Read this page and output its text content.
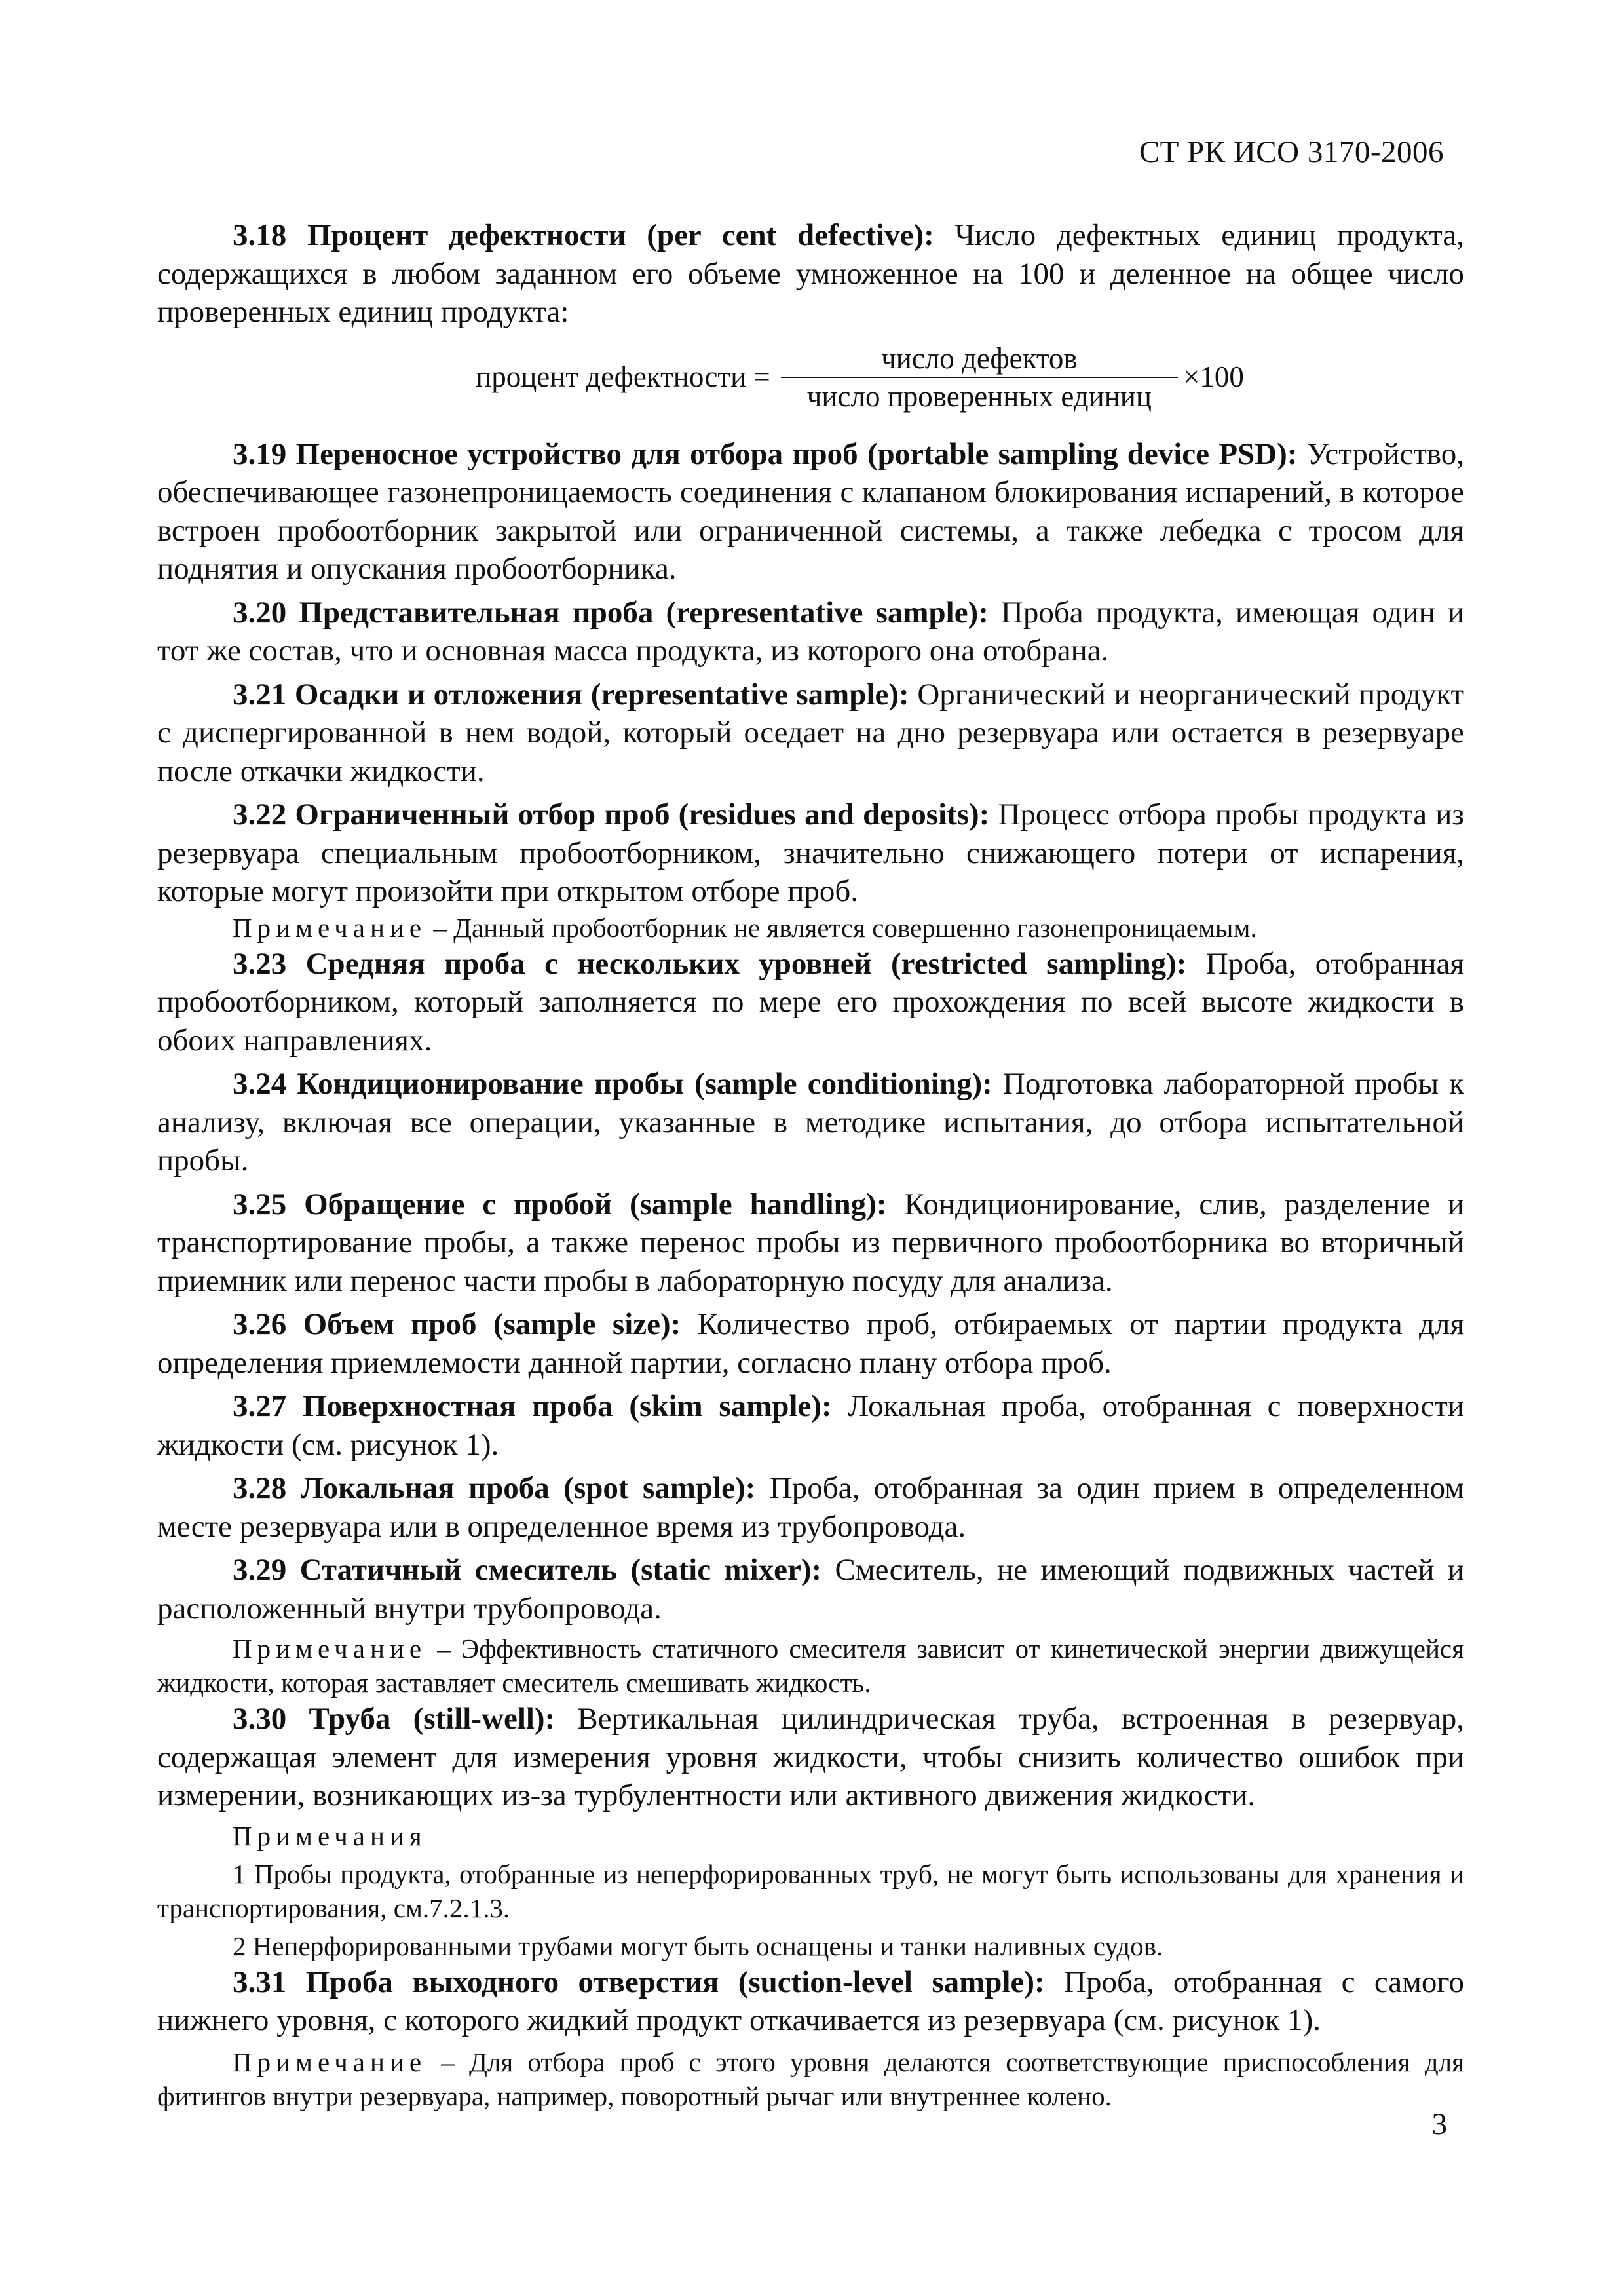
СТ РК ИСО 3170-2006

3.18 Процент дефектности (per cent defective): Число дефектных единиц продукта, содержащихся в любом заданном его объеме умноженное на 100 и деленное на общее число проверенных единиц продукта:

процент дефектности = $\frac{\text{число дефектов}}{\text{число проверенных единиц}} \times 100$

3.19 Переносное устройство для отбора проб (portable sampling device PSD): Устройство, обеспечивающее газонепроницаемость соединения с клапаном блокирования испарений, в которое встроен пробоотборник закрытой или ограниченной системы, а также лебедка с тросом для поднятия и опускания пробоотборника.

3.20 Представительная проба (representative sample): Проба продукта, имеющая один и тот же состав, что и основная масса продукта, из которого она отобрана.

3.21 Осадки и отложения (representative sample): Органический и неорганический продукт с диспергированной в нем водой, который оседает на дно резервуара или остается в резервуаре после откачки жидкости.

3.22 Ограниченный отбор проб (residues and deposits): Процесс отбора пробы продукта из резервуара специальным пробоотборником, значительно снижающего потери от испарения, которые могут произойти при открытом отборе проб.

Примечание – Данный пробоотборник не является совершенно газонепроницаемым.

3.23 Средняя проба с нескольких уровней (restricted sampling): Проба, отобранная пробоотборником, который заполняется по мере его прохождения по всей высоте жидкости в обоих направлениях.

3.24 Кондиционирование пробы (sample conditioning): Подготовка лабораторной пробы к анализу, включая все операции, указанные в методике испытания, до отбора испытательной пробы.

3.25 Обращение с пробой (sample handling): Кондиционирование, слив, разделение и транспортирование пробы, а также перенос пробы из первичного пробоотборника во вторичный приемник или перенос части пробы в лабораторную посуду для анализа.

3.26 Объем проб (sample size): Количество проб, отбираемых от партии продукта для определения приемлемости данной партии, согласно плану отбора проб.

3.27 Поверхностная проба (skim sample): Локальная проба, отобранная с поверхности жидкости (см. рисунок 1).

3.28 Локальная проба (spot sample): Проба, отобранная за один прием в определенном месте резервуара или в определенное время из трубопровода.

3.29 Статичный смеситель (static mixer): Смеситель, не имеющий подвижных частей и расположенный внутри трубопровода.

Примечание – Эффективность статичного смесителя зависит от кинетической энергии движущейся жидкости, которая заставляет смеситель смешивать жидкость.

3.30 Труба (still-well): Вертикальная цилиндрическая труба, встроенная в резервуар, содержащая элемент для измерения уровня жидкости, чтобы снизить количество ошибок при измерении, возникающих из-за турбулентности или активного движения жидкости.

Примечания

1 Пробы продукта, отобранные из неперфорированных труб, не могут быть использованы для хранения и транспортирования, см.7.2.1.3.

2 Неперфорированными трубами могут быть оснащены и танки наливных судов.

3.31 Проба выходного отверстия (suction-level sample): Проба, отобранная с самого нижнего уровня, с которого жидкий продукт откачивается из резервуара (см. рисунок 1).

Примечание – Для отбора проб с этого уровня делаются соответствующие приспособления для фитингов внутри резервуара, например, поворотный рычаг или внутреннее колено.

3
